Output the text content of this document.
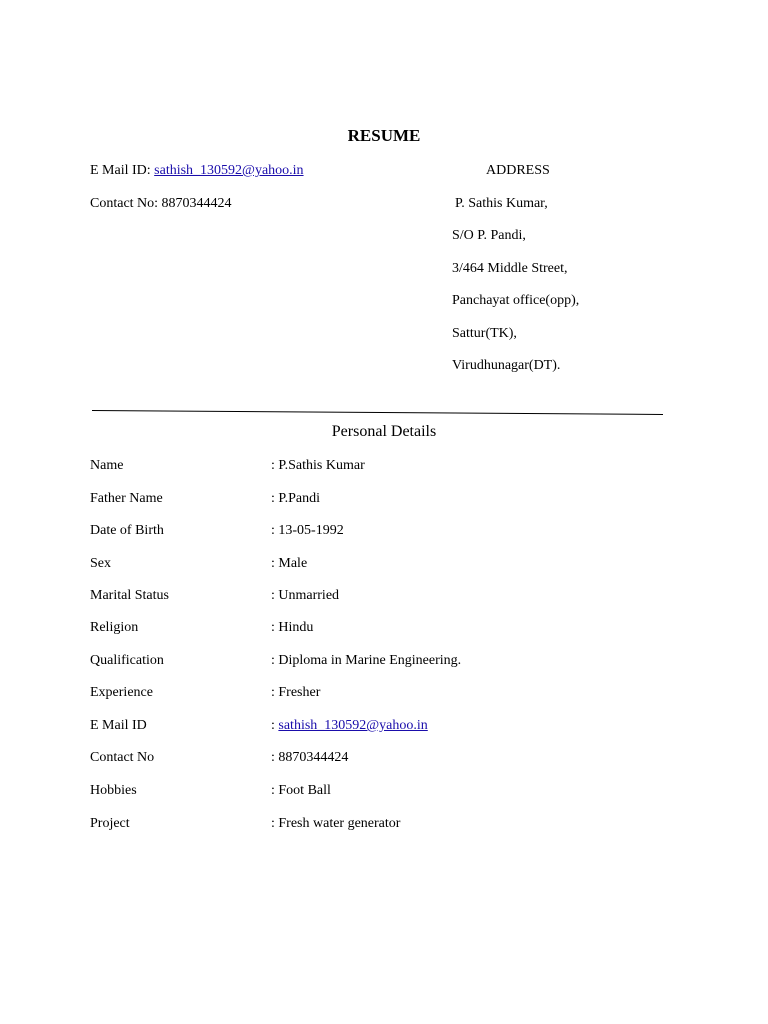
RESUME
E Mail ID: sathish_130592@yahoo.in
Contact No: 8870344424
ADDRESS
P. Sathis Kumar,
S/O P. Pandi,
3/464 Middle Street,
Panchayat office(opp),
Sattur(TK),
Virudhunagar(DT).
Personal Details
Name	: P.Sathis Kumar
Father Name	: P.Pandi
Date of Birth	: 13-05-1992
Sex	: Male
Marital Status	: Unmarried
Religion	: Hindu
Qualification	: Diploma in Marine Engineering.
Experience	: Fresher
E Mail ID	: sathish_130592@yahoo.in
Contact No	: 8870344424
Hobbies	: Foot Ball
Project	: Fresh water generator
